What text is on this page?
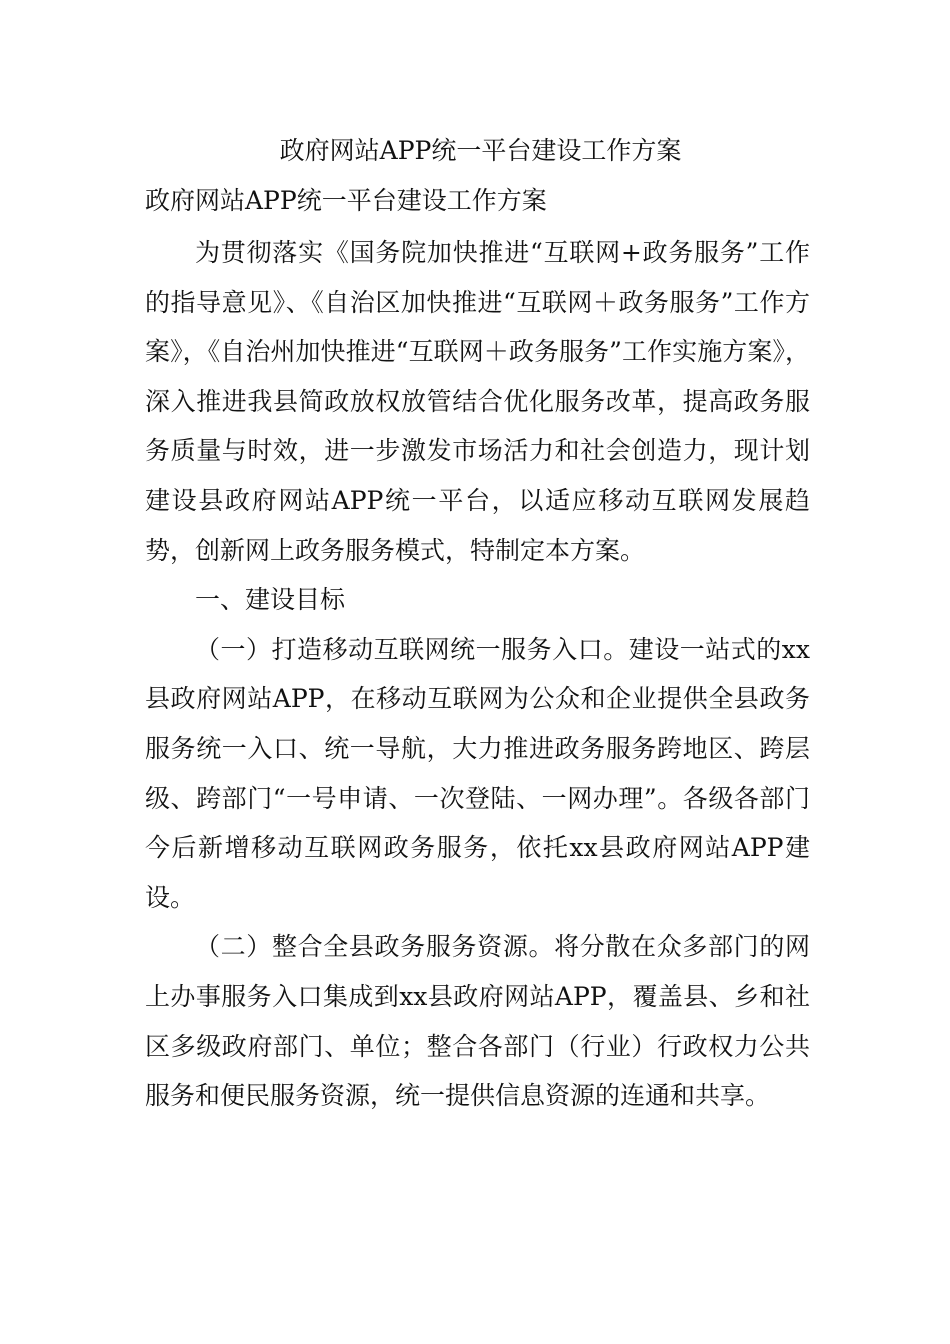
政府网站APP统一平台建设工作方案
政府网站APP统一平台建设工作方案

为贯彻落实《国务院加快推进“互联网+政务服务”工作的指导意见》、《自治区加快推进“互联网＋政务服务”工作方案》，《自治州加快推进“互联网＋政务服务”工作实施方案》，深入推进我县简政放权放管结合优化服务改革，提高政务服务质量与时效，进一步激发市场活力和社会创造力，现计划建设县政府网站APP统一平台，以适应移动互联网发展趋势，创新网上政务服务模式，特制定本方案。

一、建设目标

（一）打造移动互联网统一服务入口。建设一站式的xx县政府网站APP，在移动互联网为公众和企业提供全县政务服务统一入口、统一导航，大力推进政务服务跨地区、跨层级、跨部门“一号申请、一次登陆、一网办理”。各级各部门今后新增移动互联网政务服务，依托xx县政府网站APP建设。

（二）整合全县政务服务资源。将分散在众多部门的网上办事服务入口集成到xx县政府网站APP，覆盖县、乡和社区多级政府部门、单位；整合各部门（行业）行政权力公共服务和便民服务资源，统一提供信息资源的连通和共享。
